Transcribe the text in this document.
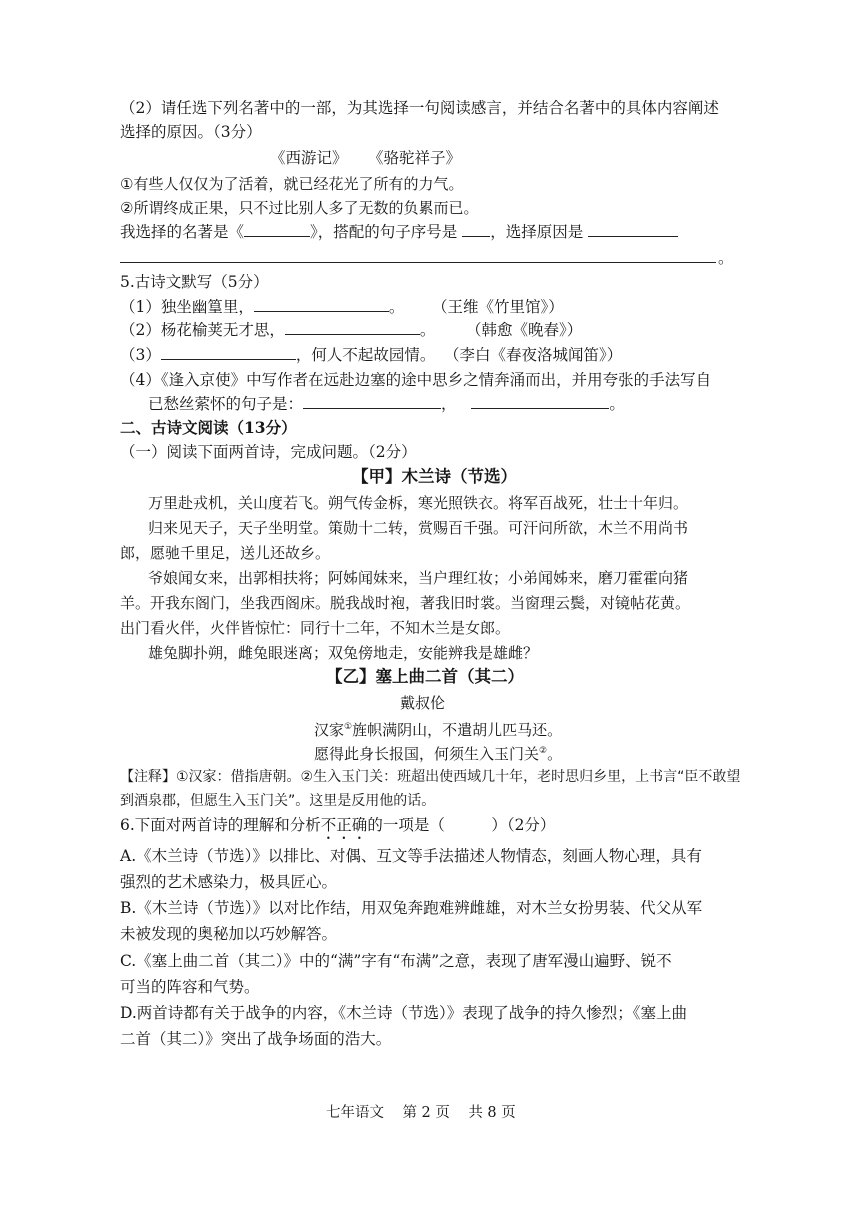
（2）请任选下列名著中的一部，为其选择一句阅读感言，并结合名著中的具体内容阐述
选择的原因。（3分）
《西游记》 《骆驼祥子》
①有些人仅仅为了活着，就已经花光了所有的力气。
②所谓终成正果，只不过比别人多了无数的负累而已。
我选择的名著是《	》，搭配的句子序号是 ，选择原因是
。
5.古诗文默写（5分）
（1）独坐幽篁里，	。 （王维《竹里馆》）
（2）杨花榆荚无才思，	。 （韩愈《晚春》）
（3）	，何人不起故园情。 （李白《春夜洛城闻笛》）
（4）《逢入京使》中写作者在远赴边塞的途中思乡之情奔涌而出，并用夸张的手法写自
已愁丝萦怀的句子是：	，	。
二、古诗文阅读（13分）
（一）阅读下面两首诗，完成问题。（2分）
【甲】木兰诗（节选）
万里赴戎机，关山度若飞。朔气传金柝，寒光照铁衣。将军百战死，壮士十年归。
归来见天子，天子坐明堂。策勋十二转，赏赐百千强。可汗问所欲，木兰不用尚书
郎，愿驰千里足，送儿还故乡。
爷娘闻女来，出郭相扶将；阿姊闻妹来，当户理红妆；小弟闻姊来，磨刀霍霍向猪
羊。开我东阁门，坐我西阁床。脱我战时袍，著我旧时裳。当窗理云鬓，对镜帖花黄。
出门看火伴，火伴皆惊忙：同行十二年，不知木兰是女郎。
雄兔脚扑朔，雌兔眼迷离；双兔傍地走，安能辨我是雄雌？
【乙】塞上曲二首（其二）
戴叔伦
汉家①旌帜满阴山，不遣胡儿匹马还。
愿得此身长报国，何须生入玉门关②。
【注释】①汉家：借指唐朝。②生入玉门关：班超出使西域几十年，老时思归乡里，上书言“臣不敢望
到酒泉郡，但愿生入玉门关”。这里是反用他的话。
6.下面对两首诗的理解和分析不正确的一项是（　　　）（2分）
A.《木兰诗（节选）》以排比、对偶、互文等手法描述人物情态，刻画人物心理，具有
强烈的艺术感染力，极具匠心。
B.《木兰诗（节选）》以对比作结，用双兔奔跑难辨雌雄，对木兰女扮男装、代父从军
未被发现的奥秘加以巧妙解答。
C.《塞上曲二首（其二）》中的“满”字有“布满”之意，表现了唐军漫山遍野、锐不
可当的阵容和气势。
D.两首诗都有关于战争的内容，《木兰诗（节选）》表现了战争的持久惨烈；《塞上曲
二首（其二）》突出了战争场面的浩大。
七年语文 第 2 页 共 8 页
